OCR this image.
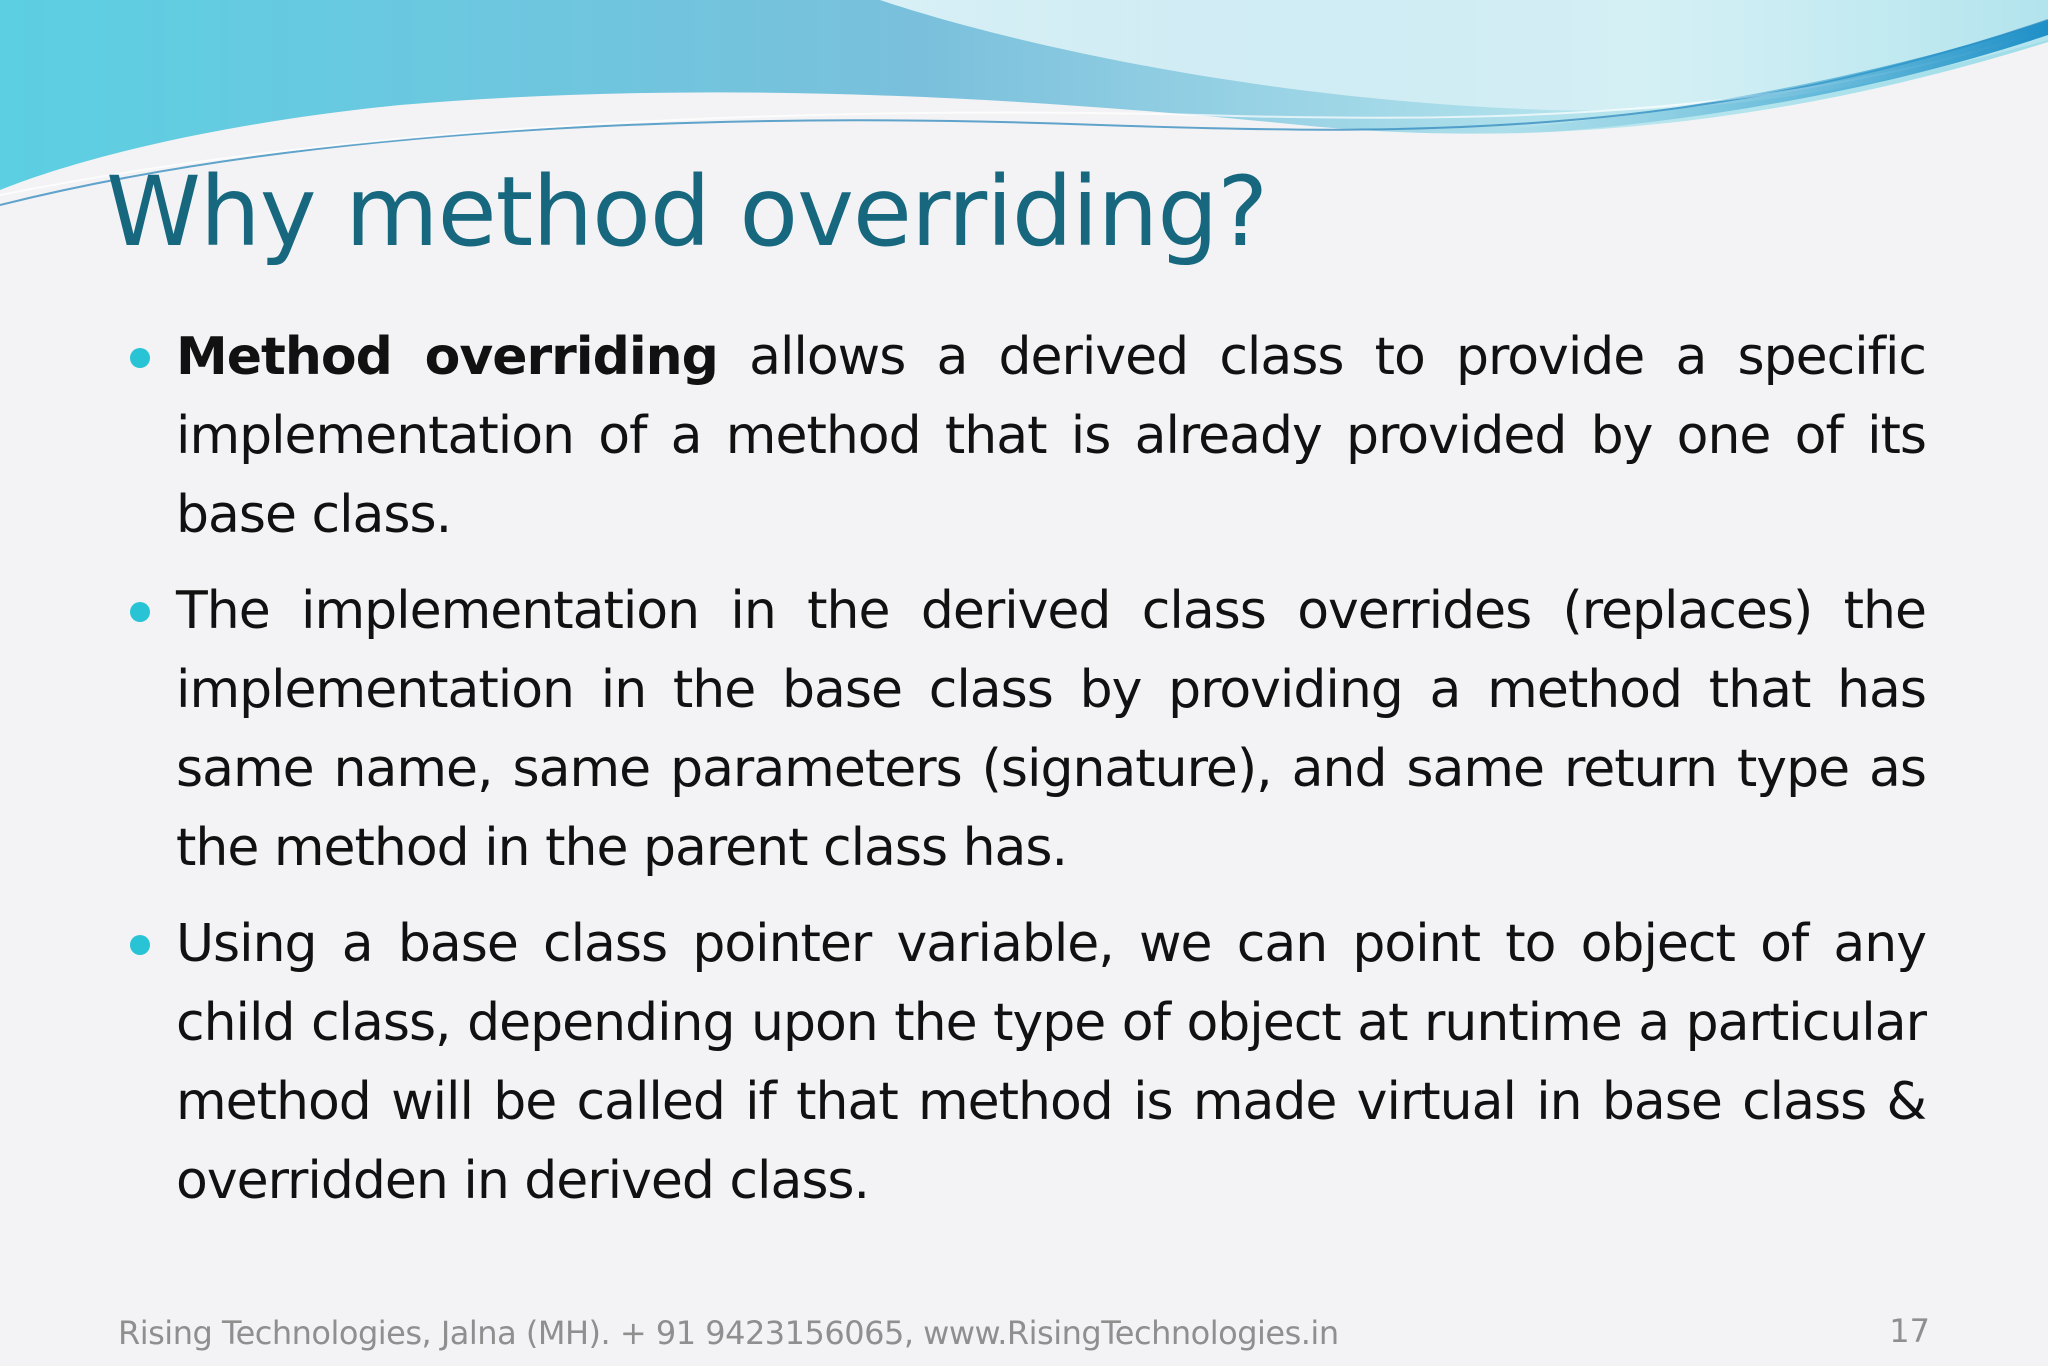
Why method overriding?
Method overriding allows a derived class to provide a specific implementation of a method that is already provided by one of its base class.
The implementation in the derived class overrides (replaces) the implementation in the base class by providing a method that has same name, same parameters (signature), and same return type as the method in the parent class has.
Using a base class pointer variable, we can point to object of any child class, depending upon the type of object at runtime a particular method will be called if that method is made virtual in base class & overridden in derived class.
Rising Technologies, Jalna (MH). + 91 9423156065, www.RisingTechnologies.in	17
